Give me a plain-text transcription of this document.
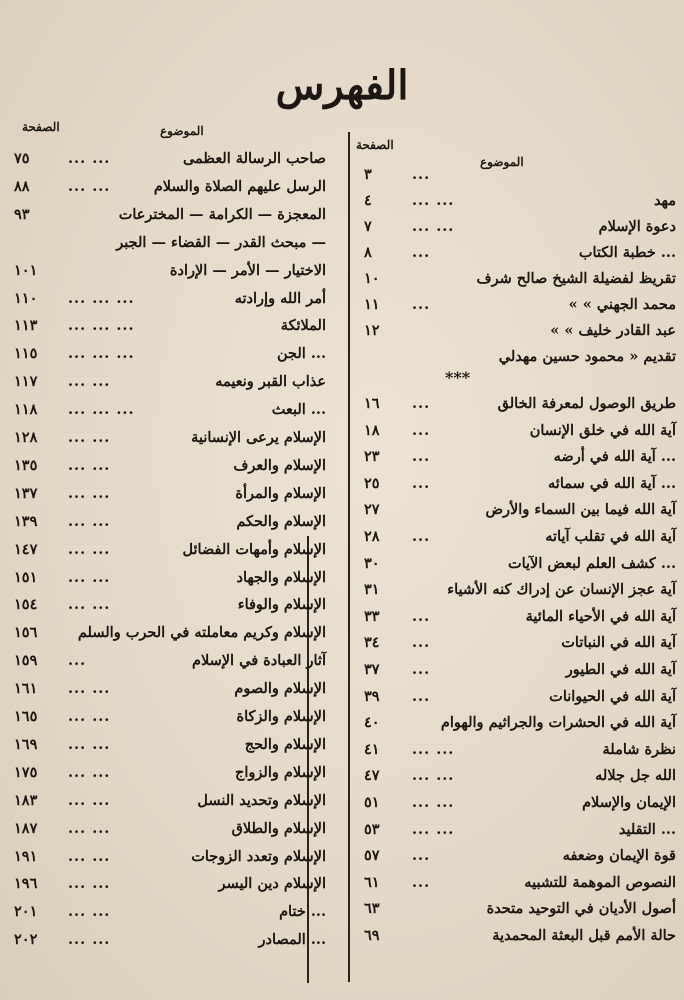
الفهرس
الموضوع
الصفحة
***
...
٣
مهد
... ...
٤
دعوة الإسلام
... ...
٧
خطبة الكتاب ...
...
٨
تقريظ لفضيلة الشيخ صالح شرف
١٠
« « محمد الجهني
...
١١
« « عبد القادر خليف
١٢
تقديم « محمود حسين مهدلي
طريق الوصول لمعرفة الخالق
...
١٦
آية الله في خلق الإنسان
...
١٨
آية الله في أرضه ...
...
٢٣
آية الله في سمائه ...
...
٢٥
آية الله فيما بين السماء والأرض
٢٧
آية الله في تقلب آياته
...
٢٨
كشف العلم لبعض الآيات ...
٣٠
آية عجز الإنسان عن إدراك كنه الأشياء
٣١
آية الله في الأحياء المائية
...
٣٣
آية الله في النباتات
...
٣٤
آية الله في الطيور
...
٣٧
آية الله في الحيوانات
...
٣٩
آية الله في الحشرات والجراثيم والهوام
٤٠
نظرة شاملة
... ...
٤١
الله جل جلاله
... ...
٤٧
الإيمان والإسلام
... ...
٥١
التقليد ...
... ...
٥٣
قوة الإيمان وضعفه
...
٥٧
النصوص الموهمة للتشبيه
...
٦١
أصول الأديان في التوحيد متحدة
٦٣
حالة الأمم قبل البعثة المحمدية
٦٩
الموضوع
الصفحة
صاحب الرسالة العظمى
... ...
٧٥
الرسل عليهم الصلاة والسلام
... ...
٨٨
المعجزة — الكرامة — المخترعات
٩٣
مبحث القدر — القضاء — الجبر —
الاختيار — الأمر — الإرادة
١٠١
أمر الله وإرادته
... ... ...
١١٠
الملائكة
... ... ...
١١٣
الجن ...
... ... ...
١١٥
عذاب القبر ونعيمه
... ...
١١٧
البعث ...
... ... ...
١١٨
الإسلام يرعى الإنسانية
... ...
١٢٨
الإسلام والعرف
... ...
١٣٥
الإسلام والمرأة
... ...
١٣٧
الإسلام والحكم
... ...
١٣٩
الإسلام وأمهات الفضائل
... ...
١٤٧
الإسلام والجهاد
... ...
١٥١
الإسلام والوفاء
... ...
١٥٤
الإسلام وكريم معاملته في الحرب والسلم
١٥٦
آثار العبادة في الإسلام
...
١٥٩
الإسلام والصوم
... ...
١٦١
الإسلام والزكاة
... ...
١٦٥
الإسلام والحج
... ...
١٦٩
الإسلام والزواج
... ...
١٧٥
الإسلام وتحديد النسل
... ...
١٨٣
الإسلام والطلاق
... ...
١٨٧
الإسلام وتعدد الزوجات
... ...
١٩١
الإسلام دين اليسر
... ...
١٩٦
ختام ...
... ...
٢٠١
المصادر ...
... ...
٢٠٢
